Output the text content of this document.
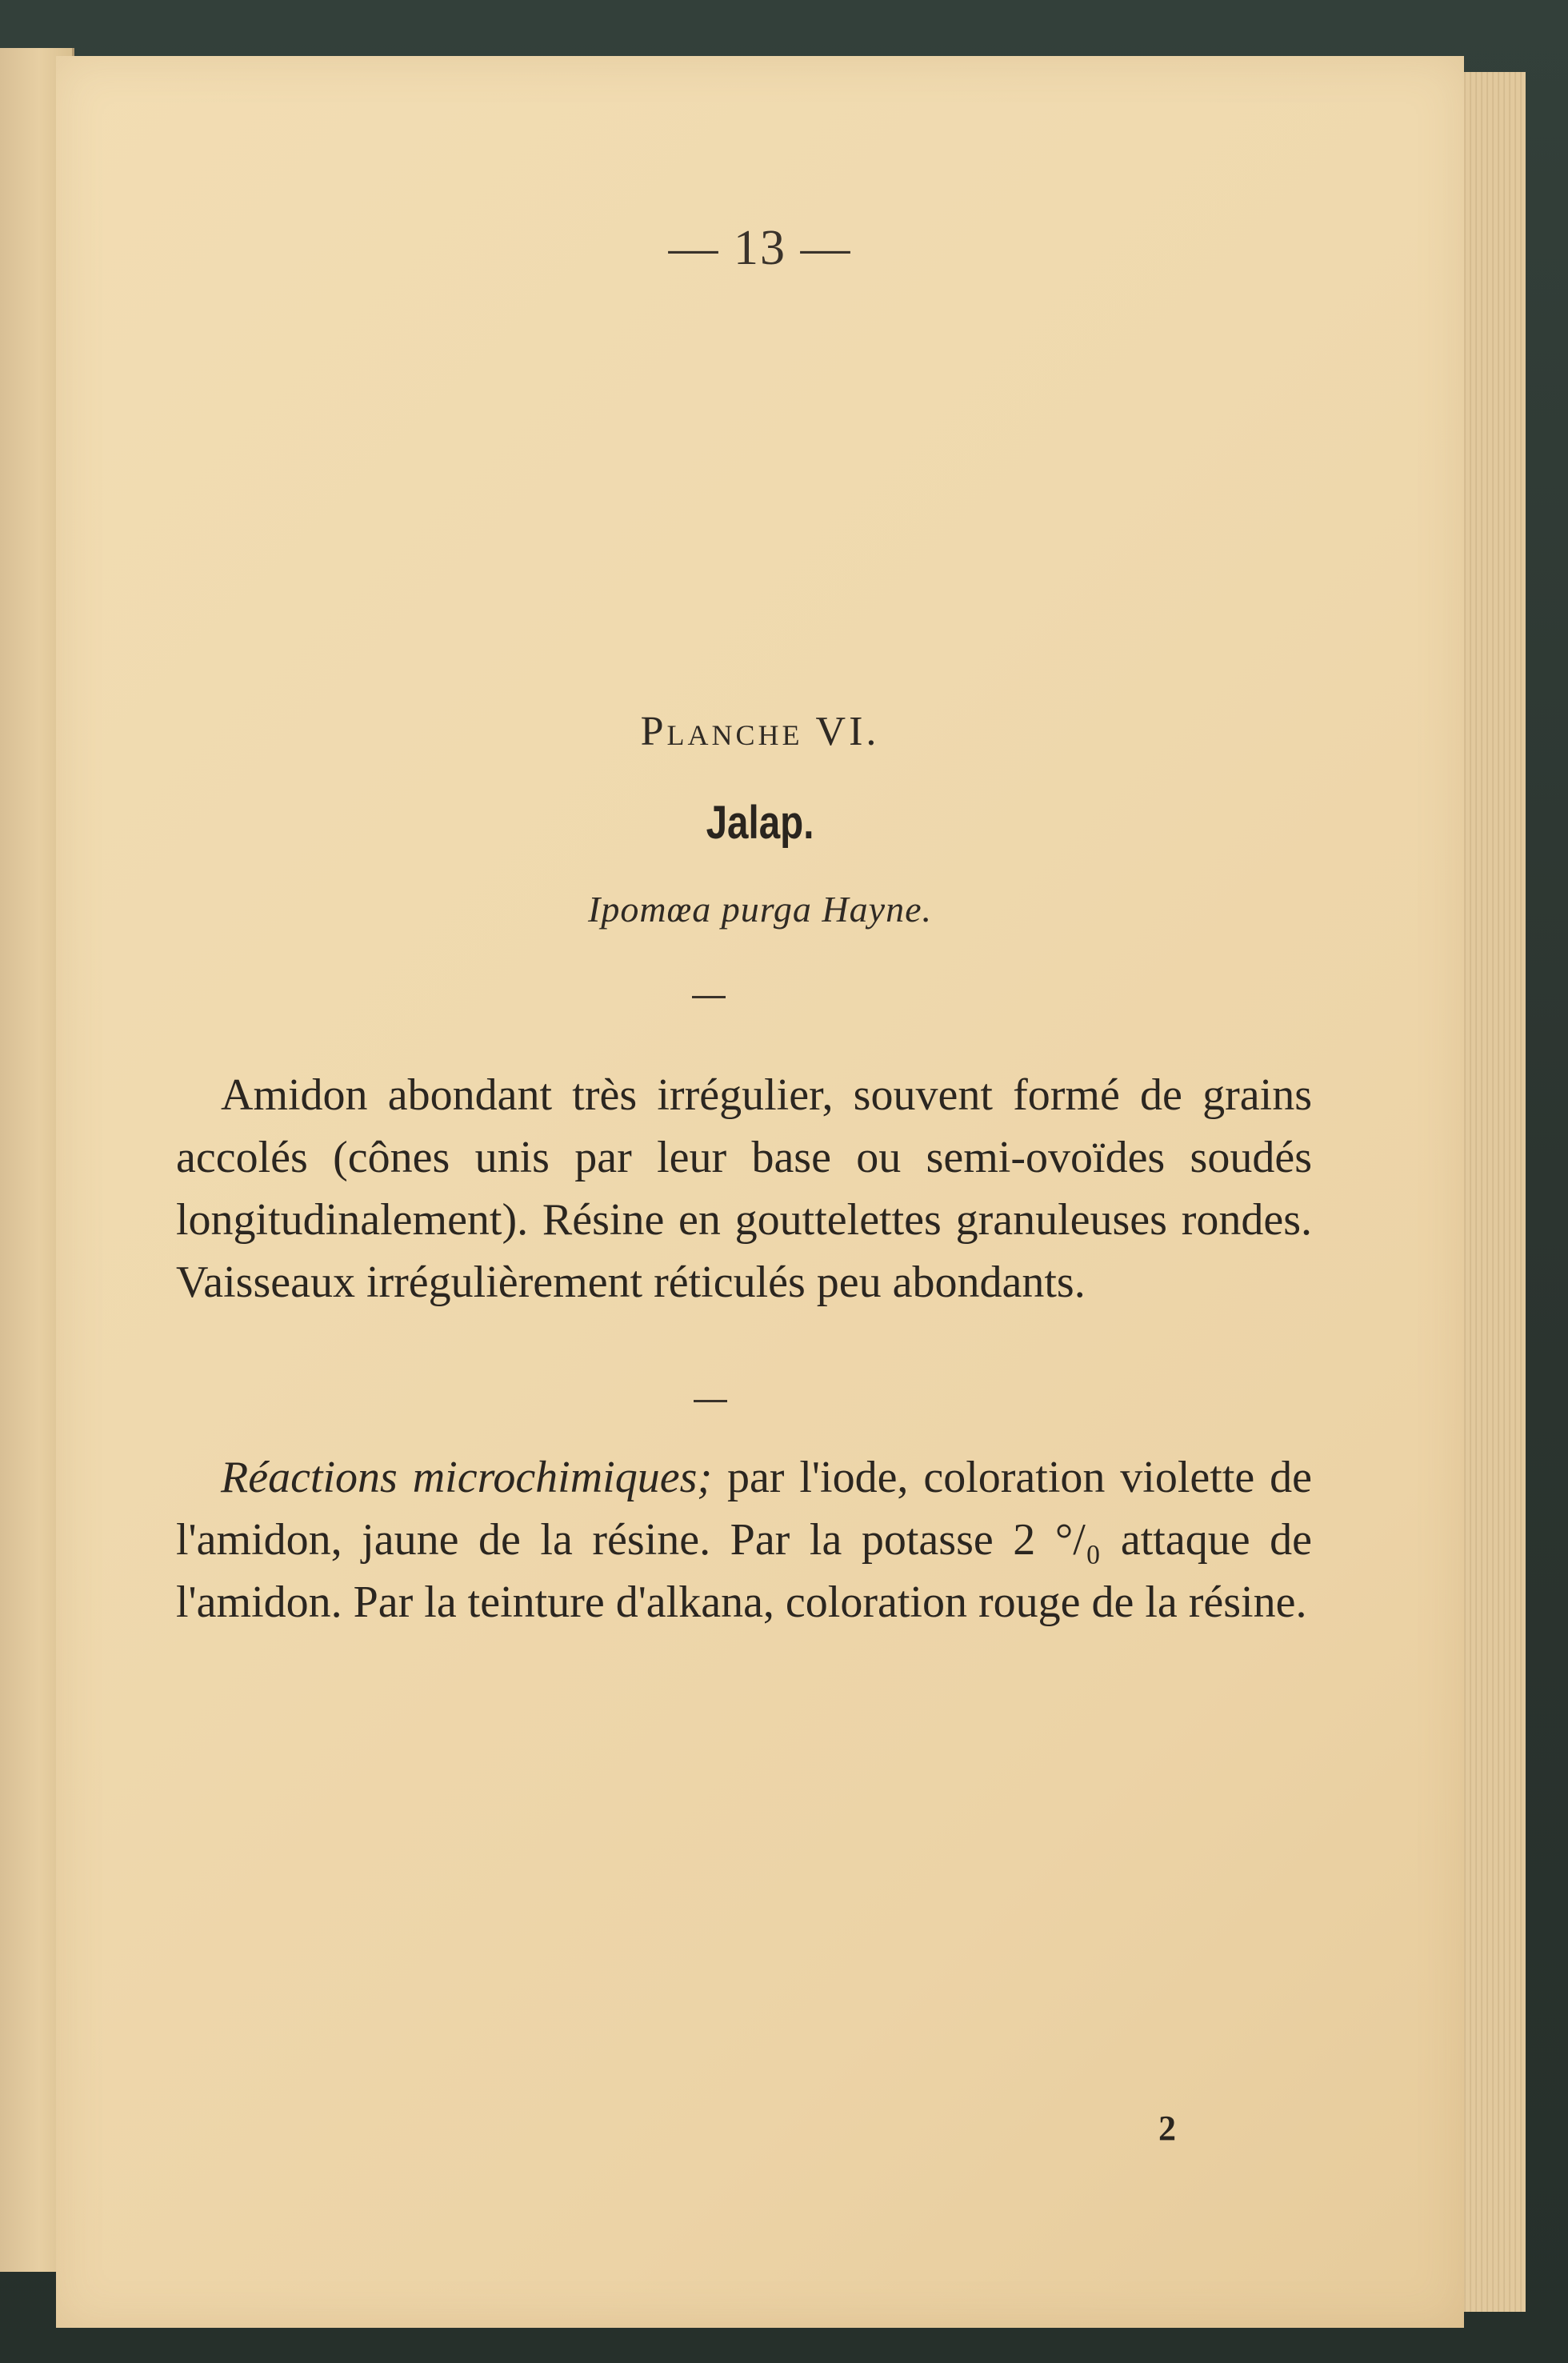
— 13 —
Planche VI.
Jalap.
Ipomœa purga Hayne.
Amidon abondant très irrégulier, souvent formé de grains accolés (cônes unis par leur base ou semi-ovoïdes soudés longitudinalement). Résine en gouttelettes granuleuses rondes. Vaisseaux irrégulièrement réticulés peu abondants.
Réactions microchimiques; par l'iode, coloration violette de l'amidon, jaune de la résine. Par la potasse 2 °/₀ attaque de l'amidon. Par la teinture d'alkana, coloration rouge de la résine.
2
